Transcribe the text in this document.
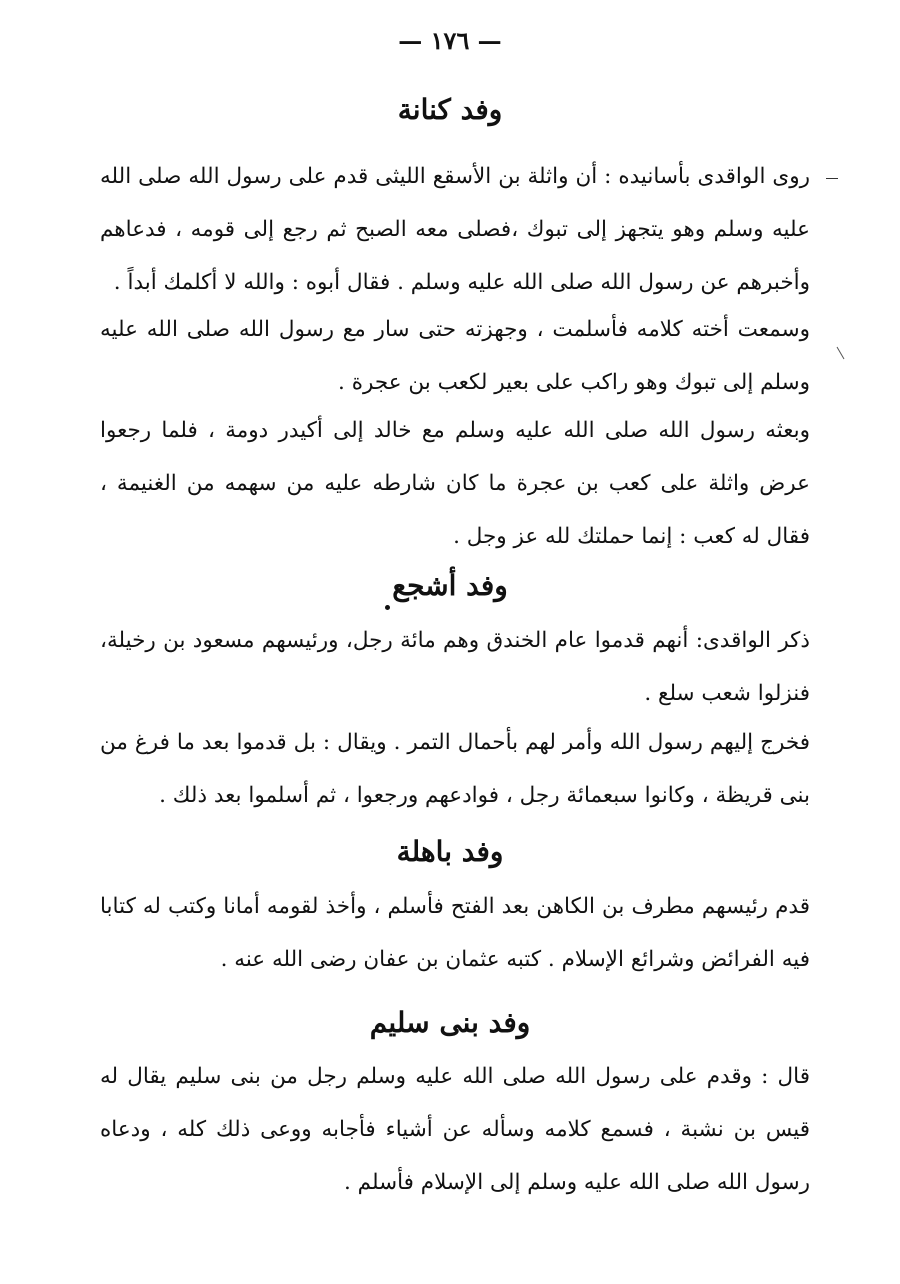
— ١٧٦ —
وفد كنانة

روى الواقدى بأسانيده : أن واثلة بن الأسقع الليثى قدم على رسول الله صلى الله عليه وسلم وهو يتجهز إلى تبوك ،فصلى معه الصبح ثم رجع إلى قومه ، فدعاهم وأخبرهم عن رسول الله صلى الله عليه وسلم . فقال أبوه : والله لا أكلمك أبداً .

وسمعت أخته كلامه فأسلمت ، وجهزته حتى سار مع رسول الله صلى الله عليه وسلم إلى تبوك وهو راكب على بعير لكعب بن عجرة .

وبعثه رسول الله صلى الله عليه وسلم مع خالد إلى أكيدر دومة ، فلما رجعوا عرض واثلة على كعب بن عجرة ما كان شارطه عليه من سهمه من الغنيمة ، فقال له كعب : إنما حملتك لله عز وجل .

وفد أشجع

ذكر الواقدى: أنهم قدموا عام الخندق وهم مائة رجل، ورئيسهم مسعود بن رخيلة، فنزلوا شعب سلع .

فخرج إليهم رسول الله وأمر لهم بأحمال التمر . ويقال : بل قدموا بعد ما فرغ من بنى قريظة ، وكانوا سبعمائة رجل ، فوادعهم ورجعوا ، ثم أسلموا بعد ذلك .

وفد باهلة

قدم رئيسهم مطرف بن الكاهن بعد الفتح فأسلم ، وأخذ لقومه أمانا وكتب له كتابا فيه الفرائض وشرائع الإسلام . كتبه عثمان بن عفان رضى الله عنه .

وفد بنى سليم

قال : وقدم على رسول الله صلى الله عليه وسلم رجل من بنى سليم يقال له قيس بن نشبة ، فسمع كلامه وسأله عن أشياء فأجابه ووعى ذلك كله ، ودعاه رسول الله صلى الله عليه وسلم إلى الإسلام فأسلم .
